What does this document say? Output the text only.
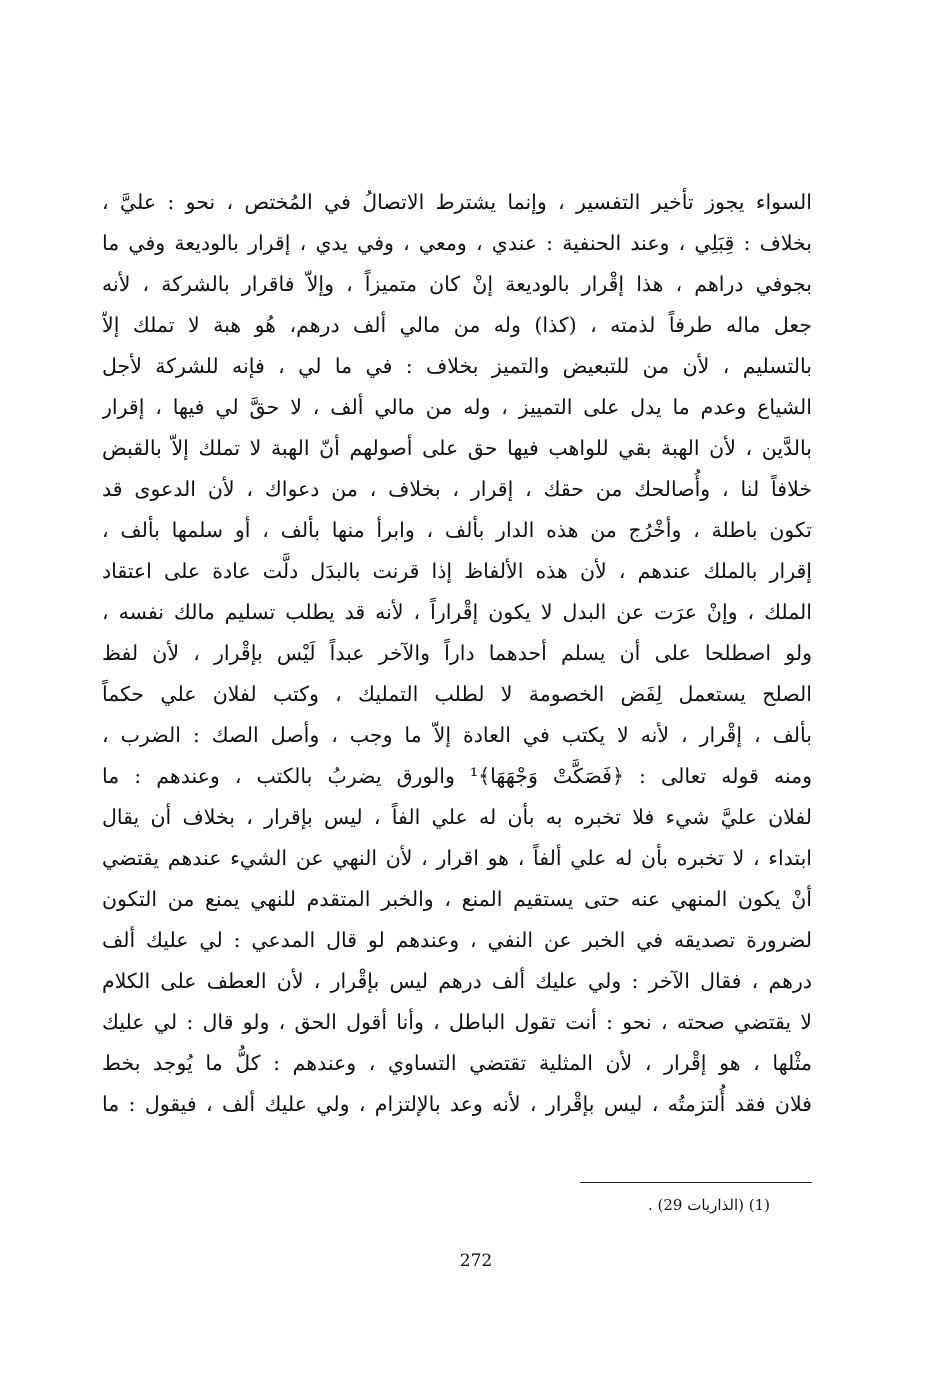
السواء يجوز تأخير التفسير ، وإنما يشترط الاتصالُ في المُختص ، نحو : عليَّ ،
بخلاف : قِبَلِي ، وعند الحنفية : عندي ، ومعي ، وفي يدي ، إقرار بالوديعة وفي ما
بجوفي دراهم ، هذا إقْرار بالوديعة إنْ كان متميزاً ، وإلاّ فاقرار بالشركة ، لأنه
جعل ماله طرفاً لذمته ، (كذا) وله من مالي ألف درهم، هُو هبة لا تملك إلاّ
بالتسليم ، لأن من للتبعيض والتميز بخلاف : في ما لي ، فإنه للشركة لأجل
الشياع وعدم ما يدل على التمييز ، وله من مالي ألف ، لا حقَّ لي فيها ، إقرار
بالدَّين ، لأن الهبة بقي للواهب فيها حق على أصولهم أنّ الهبة لا تملك إلاّ بالقبض
خلافاً لنا ، وأُصالحك من حقك ، إقرار ، بخلاف ، من دعواك ، لأن الدعوى قد
تكون باطلة ، وأخْرُج من هذه الدار بألف ، وابرأ منها بألف ، أو سلمها بألف ،
إقرار بالملك عندهم ، لأن هذه الألفاظ إذا قرنت بالبدَل دلَّت عادة على اعتقاد
الملك ، وإنْ عرَت عن البدل لا يكون إقْراراً ، لأنه قد يطلب تسليم مالك نفسه ،
ولو اصطلحا على أن يسلم أحدهما داراً والآخر عبداً لَيْس بإقْرار ، لأن لفظ
الصلح يستعمل لِفَض الخصومة لا لطلب التمليك ، وكتب لفلان علي حكماً
بألف ، إقْرار ، لأنه لا يكتب في العادة إلاّ ما وجب ، وأصل الصك : الضرب ،
ومنه قوله تعالى : ﴿فَصَكَّتْ وَجْهَهَا﴾¹ والورق يضربُ بالكتب ، وعندهم : ما
لفلان عليَّ شيء فلا تخبره به بأن له علي الفاً ، ليس بإقرار ، بخلاف أن يقال
ابتداء ، لا تخبره بأن له علي ألفاً ، هو اقرار ، لأن النهي عن الشيء عندهم يقتضي
أنْ يكون المنهي عنه حتى يستقيم المنع ، والخبر المتقدم للنهي يمنع من التكون
لضرورة تصديقه في الخبر عن النفي ، وعندهم لو قال المدعي : لي عليك ألف
درهم ، فقال الآخر : ولي عليك ألف درهم ليس بإقْرار ، لأن العطف على الكلام
لا يقتضي صحته ، نحو : أنت تقول الباطل ، وأنا أقول الحق ، ولو قال : لي عليك
مثْلها ، هو إقْرار ، لأن المثلية تقتضي التساوي ، وعندهم : كلُّ ما يُوجد بخط
فلان فقد أُلتزمتُه ، ليس بإقْرار ، لأنه وعد بالإلتزام ، ولي عليك ألف ، فيقول : ما
(1) (الذاريات 29) .
272
